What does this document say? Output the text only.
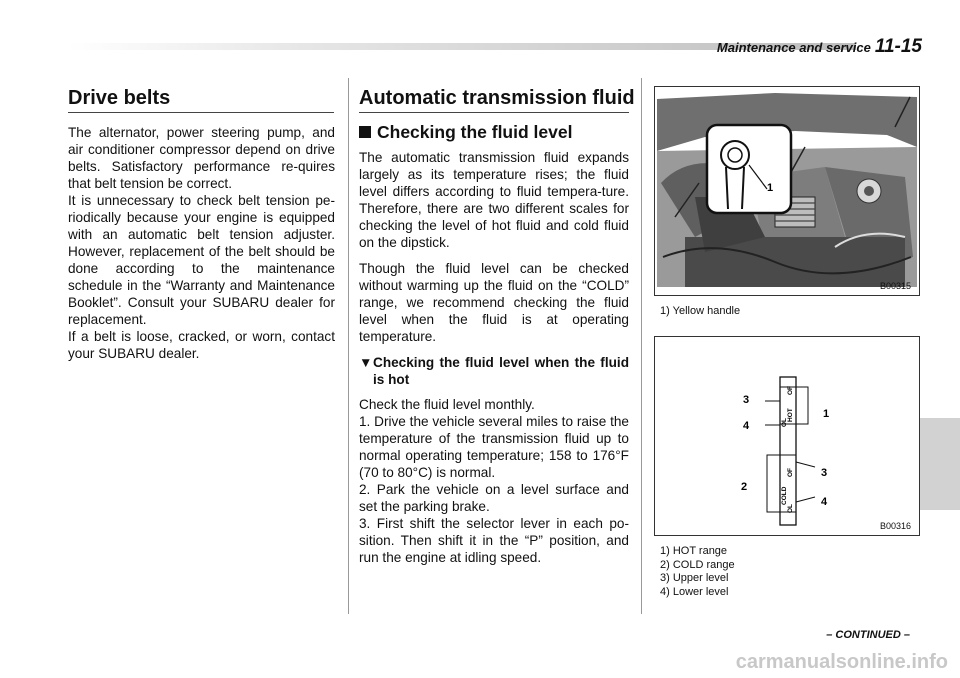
Maintenance and service 11-15
Drive belts

The alternator, power steering pump, and air conditioner compressor depend on drive belts. Satisfactory performance re-quires that belt tension be correct.

It is unnecessary to check belt tension pe-riodically because your engine is equipped with an automatic belt tension adjuster. However, replacement of the belt should be done according to the maintenance schedule in the “Warranty and Maintenance Booklet”. Consult your SUBARU dealer for replacement.

If a belt is loose, cracked, or worn, contact your SUBARU dealer.

Automatic transmission fluid
Checking the fluid level

The automatic transmission fluid expands largely as its temperature rises; the fluid level differs according to fluid tempera-ture. Therefore, there are two different scales for checking the level of hot fluid and cold fluid on the dipstick.

Though the fluid level can be checked without warming up the fluid on the “COLD” range, we recommend checking the fluid level when the fluid is at operating temperature.

▼ Checking the fluid level when the fluid is hot

Check the fluid level monthly.

1. Drive the vehicle several miles to raise the temperature of the transmission fluid up to normal operating temperature; 158 to 176°F (70 to 80°C) is normal.

2. Park the vehicle on a level surface and set the parking brake.

3. First shift the selector lever in each po-sition. Then shift it in the “P” position, and run the engine at idling speed.

1
B00315
1) Yellow handle
OF
HOT
OL
OF
COLD
OL
3
4
1
3
2
4
B00316
1) HOT range
2) COLD range
3) Upper level
4) Lower level
– CONTINUED –
carmanualsonline.info
